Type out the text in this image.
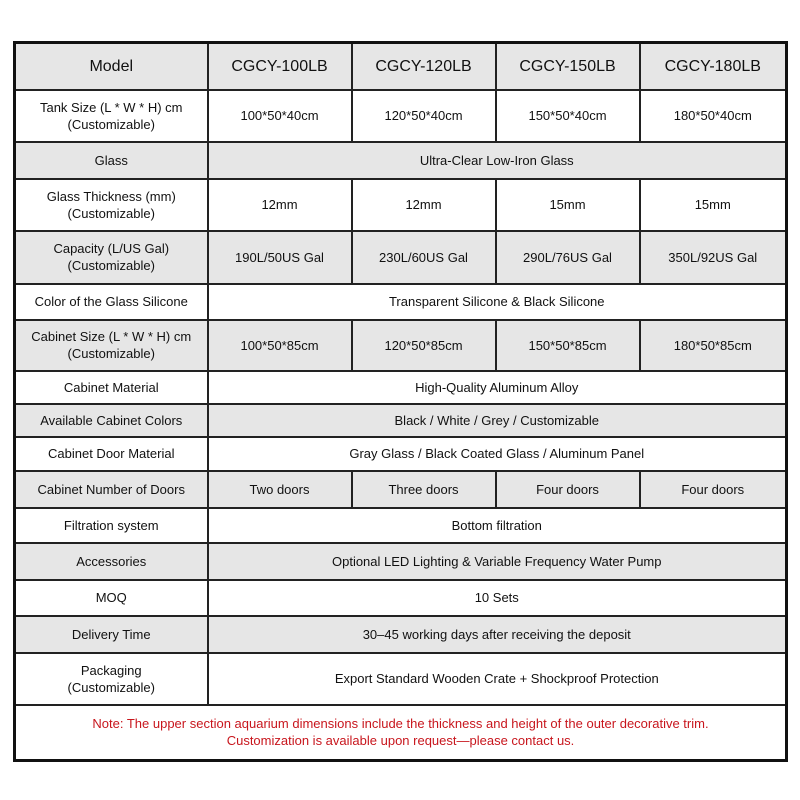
Model	CGCY-100LB	CGCY-120LB	CGCY-150LB	CGCY-180LB
Tank Size (L * W * H) cm
(Customizable)	100*50*40cm	120*50*40cm	150*50*40cm	180*50*40cm
Glass	Ultra-Clear Low-Iron Glass			
Glass Thickness (mm)
(Customizable)	12mm	12mm	15mm	15mm
Capacity (L/US Gal)
(Customizable)	190L/50US Gal	230L/60US Gal	290L/76US Gal	350L/92US Gal
Color of the Glass Silicone	Transparent Silicone & Black Silicone			
Cabinet Size (L * W * H) cm
(Customizable)	100*50*85cm	120*50*85cm	150*50*85cm	180*50*85cm
Cabinet Material	High-Quality Aluminum Alloy			
Available Cabinet Colors	Black / White / Grey / Customizable			
Cabinet Door Material	Gray Glass / Black Coated Glass / Aluminum Panel			
Cabinet Number of Doors	Two doors	Three doors	Four doors	Four doors
Filtration system	Bottom filtration			
Accessories	Optional LED Lighting & Variable Frequency Water Pump			
MOQ	10 Sets			
Delivery Time	30–45 working days after receiving the deposit			
Packaging
(Customizable)	Export Standard Wooden Crate + Shockproof Protection			
Note: The upper section aquarium dimensions include the thickness and height of the outer decorative trim.
Customization is available upon request—please contact us.				
